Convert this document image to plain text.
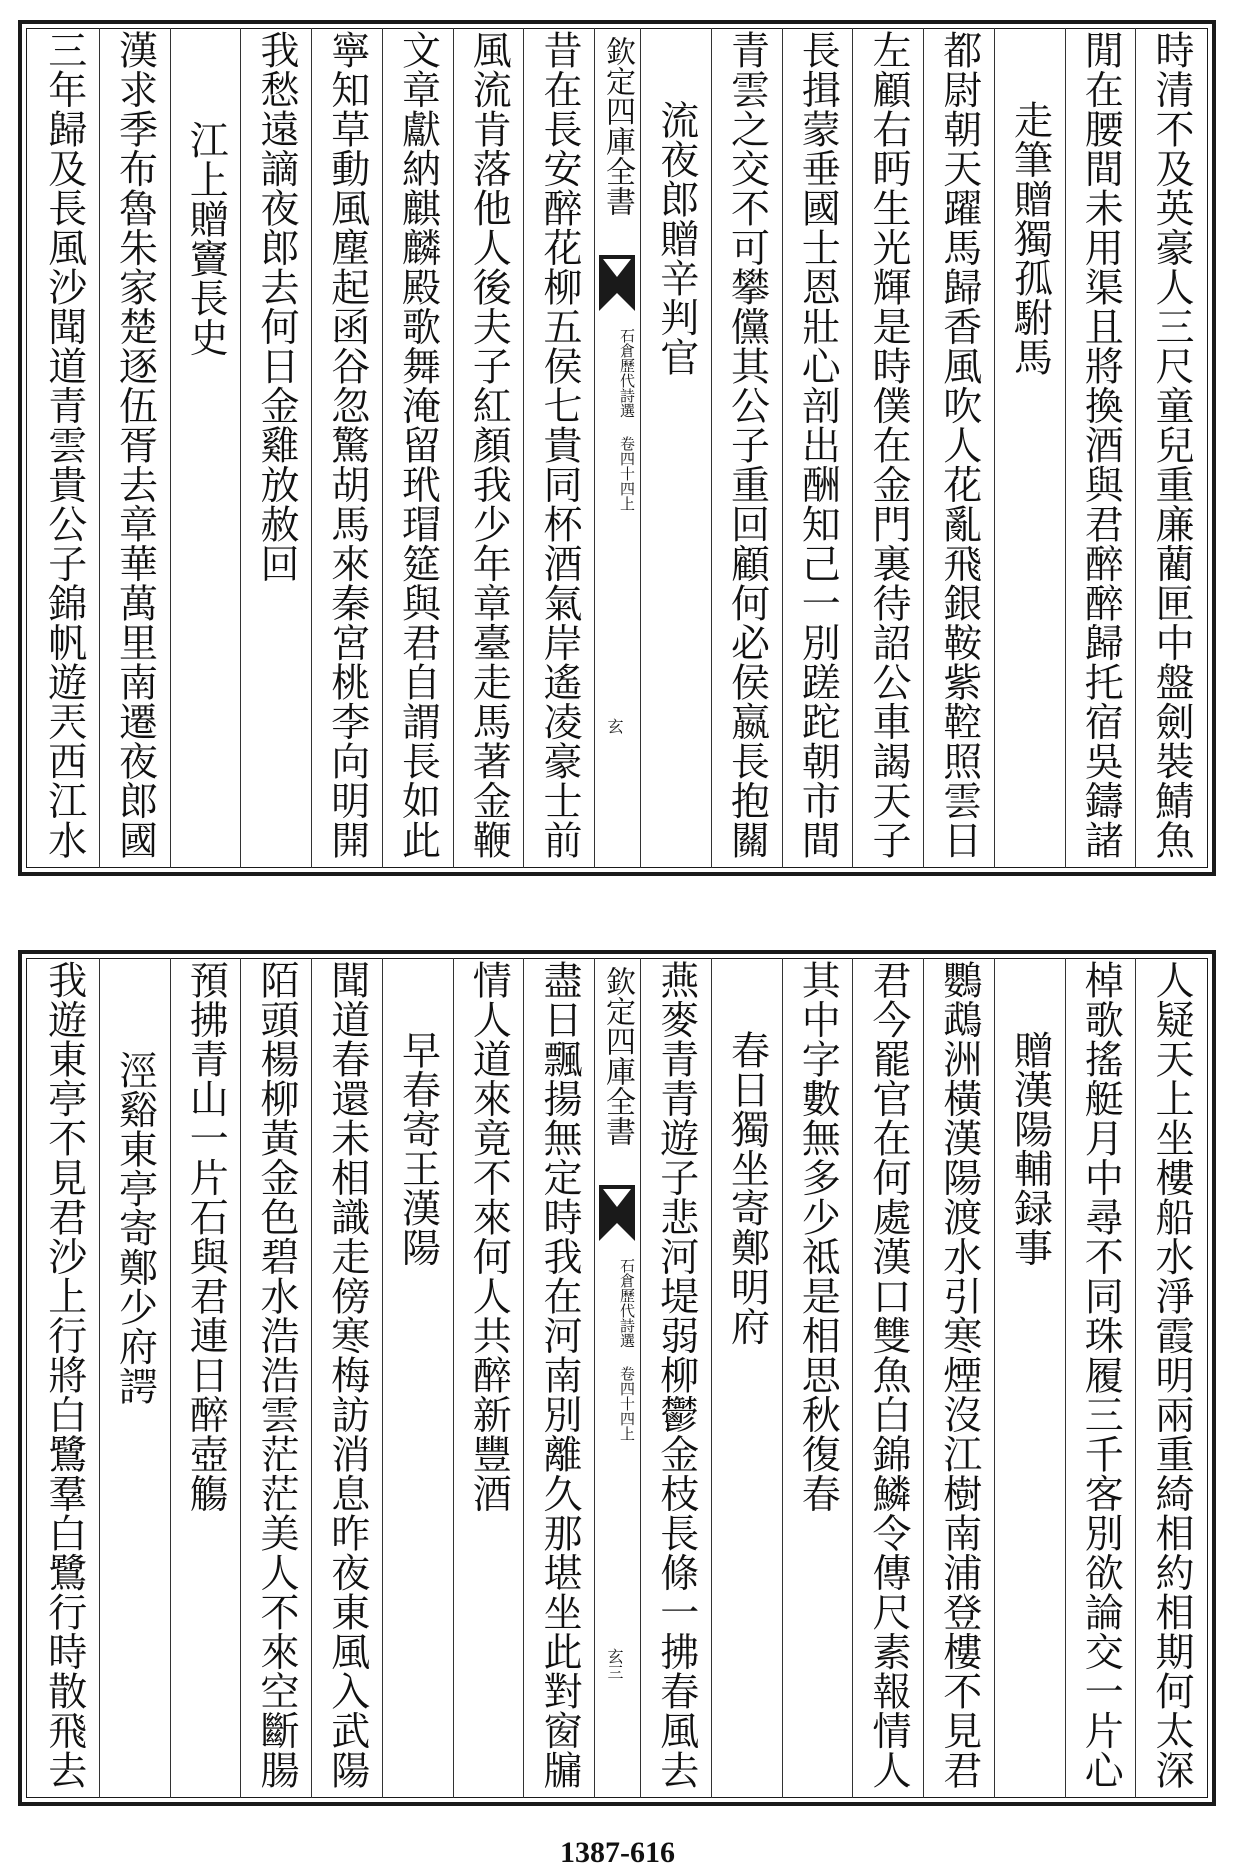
欽定四庫全書
石倉歷代詩選 卷四十四上
玄	時清不及英豪人三尺童兒重廉藺匣中盤劍裝鯖魚
閒在腰間未用渠且將換酒與君醉醉歸托宿吳鑄諸
走筆贈獨孤駙馬
都尉朝天躍馬歸香風吹人花亂飛銀鞍紫鞚照雲日
左顧右眄生光輝是時僕在金門裏待詔公車謁天子
長揖蒙垂國士恩壯心剖出酬知己一別蹉跎朝市間
青雲之交不可攀儻其公子重回顧何必侯嬴長抱關
流夜郎贈辛判官
昔在長安醉花柳五侯七貴同杯酒氣岸遙凌豪士前
風流肯落他人後夫子紅顏我少年章臺走馬著金鞭
文章獻納麒麟殿歌舞淹留玳瑁筵與君自謂長如此
寧知草動風塵起函谷忽驚胡馬來秦宮桃李向明開
我愁遠謫夜郎去何日金雞放赦回
江上贈竇長史
漢求季布魯朱家楚逐伍胥去章華萬里南遷夜郎國
三年歸及長風沙聞道青雲貴公子錦帆遊兲西江水
欽定四庫全書
石倉歷代詩選 卷四十四上
玄三	人疑天上坐樓船水淨霞明兩重綺相約相期何太深
棹歌搖艇月中尋不同珠履三千客別欲論交一片心
贈漢陽輔録事
鸚鵡洲橫漢陽渡水引寒煙沒江樹南浦登樓不見君
君今罷官在何處漢口雙魚白錦鱗令傳尺素報情人
其中字數無多少祗是相思秋復春
春日獨坐寄鄭明府
燕麥青青遊子悲河堤弱柳鬱金枝長條一拂春風去
盡日飄揚無定時我在河南別離久那堪坐此對窗牖
情人道來竟不來何人共醉新豐酒
早春寄王漢陽
聞道春還未相識走傍寒梅訪消息昨夜東風入武陽
陌頭楊柳黃金色碧水浩浩雲茫茫美人不來空斷腸
預拂青山一片石與君連日醉壺觴
涇谿東亭寄鄭少府諤
我遊東亭不見君沙上行將白鷺羣白鷺行時散飛去
1387-616
